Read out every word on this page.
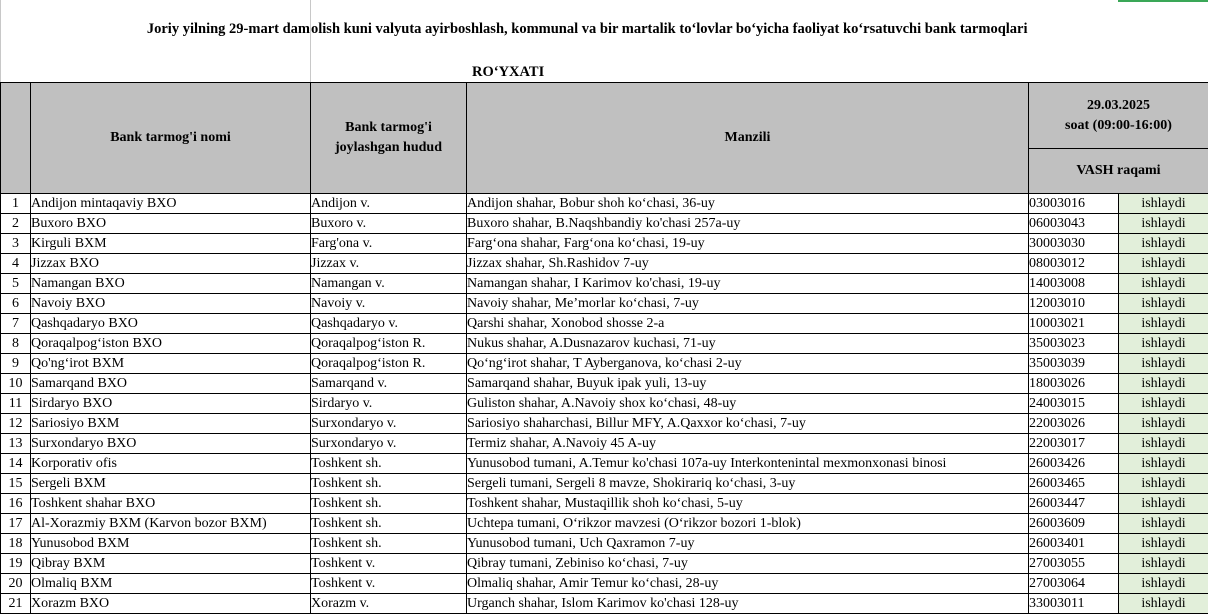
Joriy yilning 29-mart dam olish kuni valyuta ayirboshlash, kommunal va bir martalik to‘lovlar bo‘yicha faoliyat ko‘rsatuvchi bank tarmoqlari
RO‘YXATI
	Bank tarmog'i nomi	Bank tarmog'i joylashgan hudud	Manzili	29.03.2025
soat (09:00-16:00)	

				VASH raqami	
1	Andijon mintaqaviy BXO	Andijon v.	Andijon shahar, Bobur shoh ko‘chasi, 36-uy	03003016	ishlaydi
2	Buxoro BXO	Buxoro v.	Buxoro shahar, B.Naqshbandiy ko'chasi 257a-uy	06003043	ishlaydi
3	Kirguli BXM	Farg'ona v.	Farg‘ona shahar, Farg‘ona ko‘chasi, 19-uy	30003030	ishlaydi
4	Jizzax BXO	Jizzax v.	Jizzax shahar, Sh.Rashidov 7-uy	08003012	ishlaydi
5	Namangan BXO	Namangan v.	Namangan shahar, I Karimov ko'chasi, 19-uy	14003008	ishlaydi
6	Navoiy BXO	Navoiy v.	Navoiy shahar, Me’morlar ko‘chasi, 7-uy	12003010	ishlaydi
7	Qashqadaryo BXO	Qashqadaryo v.	Qarshi shahar, Xonobod shosse 2-a	10003021	ishlaydi
8	Qoraqalpog‘iston BXO	Qoraqalpog‘iston R.	Nukus shahar, A.Dusnazarov kuchasi, 71-uy	35003023	ishlaydi
9	Qo'ng‘irot BXM	Qoraqalpog‘iston R.	Qo‘ng‘irot shahar, T Ayberganova, ko‘chasi 2-uy	35003039	ishlaydi
10	Samarqand BXO	Samarqand v.	Samarqand shahar, Buyuk ipak yuli, 13-uy	18003026	ishlaydi
11	Sirdaryo BXO	Sirdaryo v.	Guliston shahar, A.Navoiy shox ko‘chasi, 48-uy	24003015	ishlaydi
12	Sariosiyo BXM	Surxondaryo v.	Sariosiyo shaharchasi, Billur MFY, A.Qaxxor ko‘chasi, 7-uy	22003026	ishlaydi
13	Surxondaryo BXO	Surxondaryo v.	Termiz shahar, A.Navoiy 45 A-uy	22003017	ishlaydi
14	Korporativ ofis	Toshkent sh.	Yunusobod tumani, A.Temur ko'chasi 107a-uy Interkontenintal mexmonxonasi binosi	26003426	ishlaydi
15	Sergeli BXM	Toshkent sh.	Sergeli tumani, Sergeli 8 mavze, Shokirariq ko‘chasi, 3-uy	26003465	ishlaydi
16	Toshkent shahar BXO	Toshkent sh.	Toshkent shahar, Mustaqillik shoh ko‘chasi, 5-uy	26003447	ishlaydi
17	Al-Xorazmiy BXM (Karvon bozor BXM)	Toshkent sh.	Uchtepa tumani, O‘rikzor mavzesi (O‘rikzor bozori 1-blok)	26003609	ishlaydi
18	Yunusobod BXM	Toshkent sh.	Yunusobod tumani, Uch Qaxramon 7-uy	26003401	ishlaydi
19	Qibray BXM	Toshkent v.	Qibray tumani, Zebiniso ko‘chasi, 7-uy	27003055	ishlaydi
20	Olmaliq BXM	Toshkent v.	Olmaliq shahar, Amir Temur ko‘chasi, 28-uy	27003064	ishlaydi
21	Xorazm BXO	Xorazm v.	Urganch shahar, Islom Karimov ko'chasi 128-uy	33003011	ishlaydi
